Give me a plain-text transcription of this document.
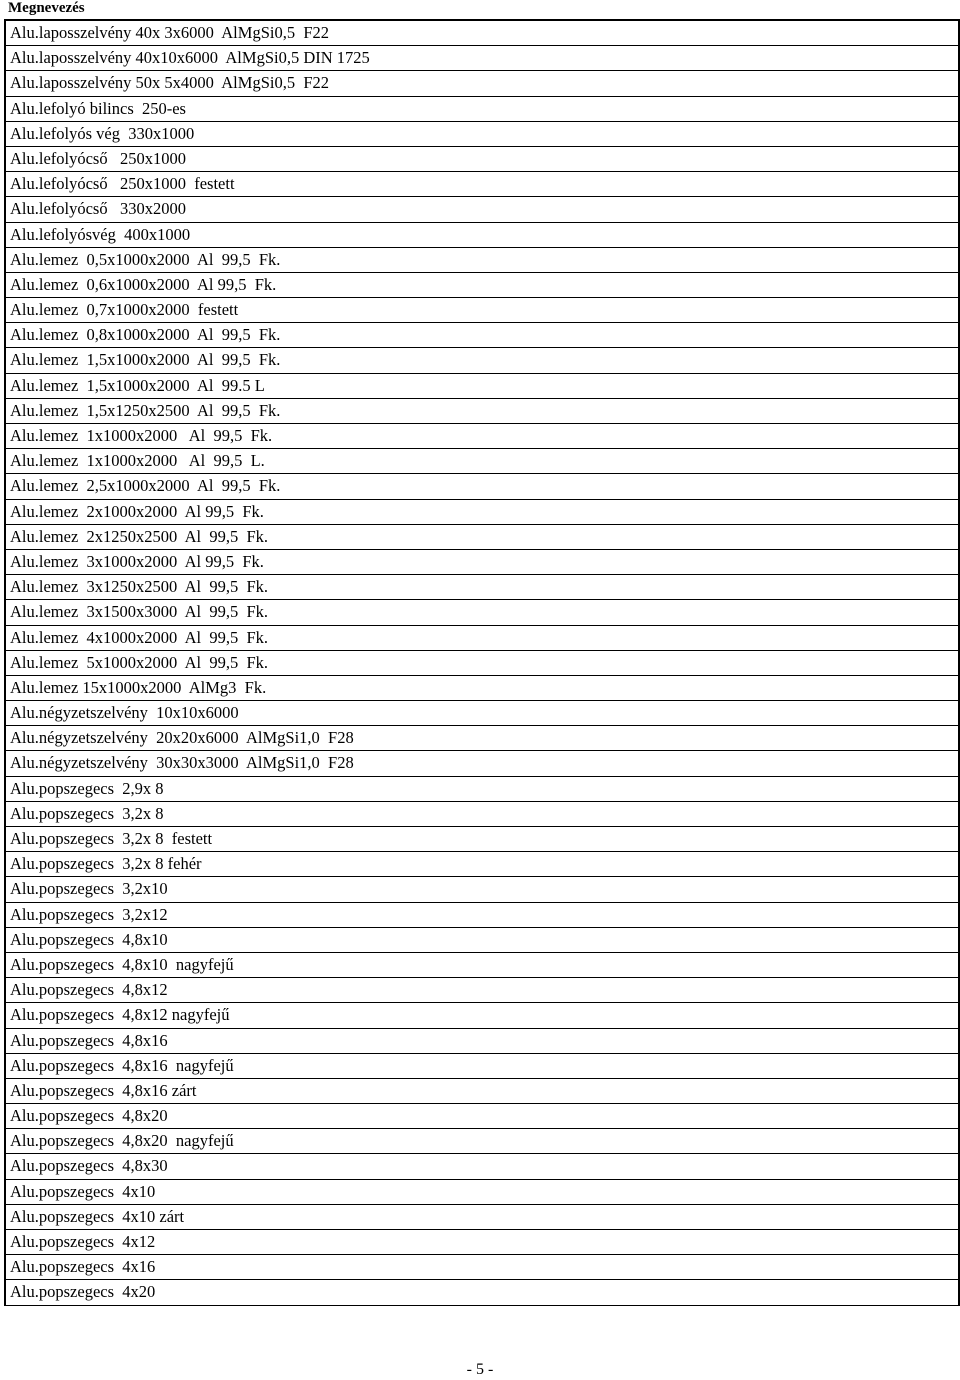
Megnevezés
Alu.laposszelvény 40x 3x6000  AlMgSi0,5  F22
Alu.laposszelvény 40x10x6000  AlMgSi0,5 DIN 1725
Alu.laposszelvény 50x 5x4000  AlMgSi0,5  F22
Alu.lefolyó bilincs  250-es
Alu.lefolyós vég  330x1000
Alu.lefolyócső   250x1000
Alu.lefolyócső   250x1000  festett
Alu.lefolyócső   330x2000
Alu.lefolyósvég  400x1000
Alu.lemez  0,5x1000x2000  Al  99,5  Fk.
Alu.lemez  0,6x1000x2000  Al 99,5  Fk.
Alu.lemez  0,7x1000x2000  festett
Alu.lemez  0,8x1000x2000  Al  99,5  Fk.
Alu.lemez  1,5x1000x2000  Al  99,5  Fk.
Alu.lemez  1,5x1000x2000  Al  99.5 L
Alu.lemez  1,5x1250x2500  Al  99,5  Fk.
Alu.lemez  1x1000x2000   Al  99,5  Fk.
Alu.lemez  1x1000x2000   Al  99,5  L.
Alu.lemez  2,5x1000x2000  Al  99,5  Fk.
Alu.lemez  2x1000x2000  Al 99,5  Fk.
Alu.lemez  2x1250x2500  Al  99,5  Fk.
Alu.lemez  3x1000x2000  Al 99,5  Fk.
Alu.lemez  3x1250x2500  Al  99,5  Fk.
Alu.lemez  3x1500x3000  Al  99,5  Fk.
Alu.lemez  4x1000x2000  Al  99,5  Fk.
Alu.lemez  5x1000x2000  Al  99,5  Fk.
Alu.lemez 15x1000x2000  AlMg3  Fk.
Alu.négyzetszelvény  10x10x6000
Alu.négyzetszelvény  20x20x6000  AlMgSi1,0  F28
Alu.négyzetszelvény  30x30x3000  AlMgSi1,0  F28
Alu.popszegecs  2,9x 8
Alu.popszegecs  3,2x 8
Alu.popszegecs  3,2x 8  festett
Alu.popszegecs  3,2x 8 fehér
Alu.popszegecs  3,2x10
Alu.popszegecs  3,2x12
Alu.popszegecs  4,8x10
Alu.popszegecs  4,8x10  nagyfejű
Alu.popszegecs  4,8x12
Alu.popszegecs  4,8x12 nagyfejű
Alu.popszegecs  4,8x16
Alu.popszegecs  4,8x16  nagyfejű
Alu.popszegecs  4,8x16 zárt
Alu.popszegecs  4,8x20
Alu.popszegecs  4,8x20  nagyfejű
Alu.popszegecs  4,8x30
Alu.popszegecs  4x10
Alu.popszegecs  4x10 zárt
Alu.popszegecs  4x12
Alu.popszegecs  4x16
Alu.popszegecs  4x20
- 5 -
